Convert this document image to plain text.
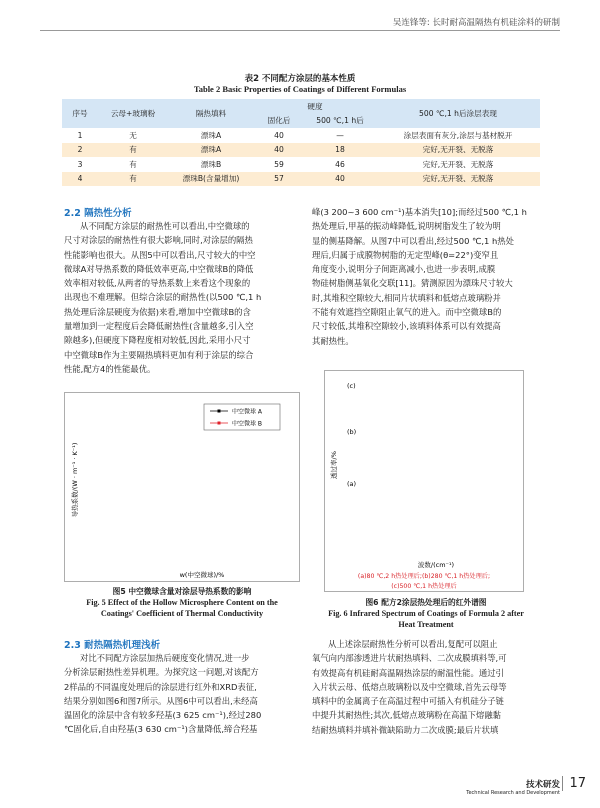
吴连锋等: 长时耐高温隔热有机硅涂料的研制
表2 不同配方涂层的基本性质
Table 2 Basic Properties of Coatings of Different Formulas
序号	云母+玻璃粉	隔热填料	硬度		500 ℃,1 h后涂层表现
			固化后	500 ℃,1 h后	
1	无	漂珠A	40	—	涂层表面有灰分,涂层与基材脱开
2	有	漂珠A	40	18	完好,无开裂、无脱落
3	有	漂珠B	59	46	完好,无开裂、无脱落
4	有	漂珠B(含量增加)	57	40	完好,无开裂、无脱落
2.2 隔热性分析
从不同配方涂层的耐热性可以看出,中空微球的
尺寸对涂层的耐热性有很大影响,同时,对涂层的隔热
性能影响也很大。从图5中可以看出,尺寸较大的中空
微球A对导热系数的降低效率更高,中空微球B的降低
效率相对较低,从两者的导热系数上来看这个现象的
出现也不难理解。但综合涂层的耐热性(以500 ℃,1 h
热处理后涂层硬度为依据)来看,增加中空微球B的含
量增加到一定程度后会降低耐热性(含量越多,引入空
隙越多),但硬度下降程度相对较低,因此,采用小尺寸
中空微球B作为主要隔热填料更加有利于涂层的综合
性能,配方4的性能最优。
峰(3 200~3 600 cm⁻¹)基本消失[10];而经过500 ℃,1 h
热处理后,甲基的振动峰降低,说明树脂发生了较为明
显的侧基降解。从图7中可以看出,经过500 ℃,1 h热处
理后,归属于成膜物树脂的无定型峰(θ=22°)变窄且
角度变小,说明分子间距离减小,也进一步表明,成膜
物硅树脂侧基氧化交联[11]。猜测原因为漂珠尺寸较大
时,其堆积空隙较大,相同片状填料和低熔点玻璃粉并
不能有效遮挡空隙阻止氧气的进入。而中空微球B的
尺寸较低,其堆积空隙较小,该填料体系可以有效提高
其耐热性。
导热系数/(W · m⁻¹ · K⁻¹)
w(中空微球)/%
中空微球 A
中空微球 B
图5 中空微球含量对涂层导热系数的影响
Fig. 5 Effect of the Hollow Microsphere Content on the
Coatings' Coefficient of Thermal Conductivity
透过率/%
波数/(cm⁻¹)
(c)
(b)
(a)
(a)80 ℃,2 h热处理后;(b)280 ℃,1 h热处理后;
(c)500 ℃,1 h热处理后
图6 配方2涂层热处理后的红外谱图
Fig. 6 Infrared Spectrum of Coatings of Formula 2 after
Heat Treatment
2.3 耐热隔热机理浅析
对比不同配方涂层加热后硬度变化情况,进一步
分析涂层耐热性差异机理。为探究这一问题,对该配方
2样品的不同温度处理后的涂层进行红外和XRD表征,
结果分别如图6和图7所示。从图6中可以看出,未经高
温固化的涂层中含有较多羟基(3 625 cm⁻¹),经过280
℃固化后,自由羟基(3 630 cm⁻¹)含量降低,缔合羟基
从上述涂层耐热性分析可以看出,复配可以阻止
氧气向内部渗透进片状耐热填料、二次成膜填料等,可
有效提高有机硅耐高温隔热涂层的耐温性能。通过引
入片状云母、低熔点玻璃粉以及中空微球,首先云母等
填料中的金属离子在高温过程中可插入有机硅分子链
中提升其耐热性;其次,低熔点玻璃粉在高温下熔融黏
结耐热填料并填补微缺陷助力二次成膜;最后片状填
技术研发
Technical Research and Development
17
